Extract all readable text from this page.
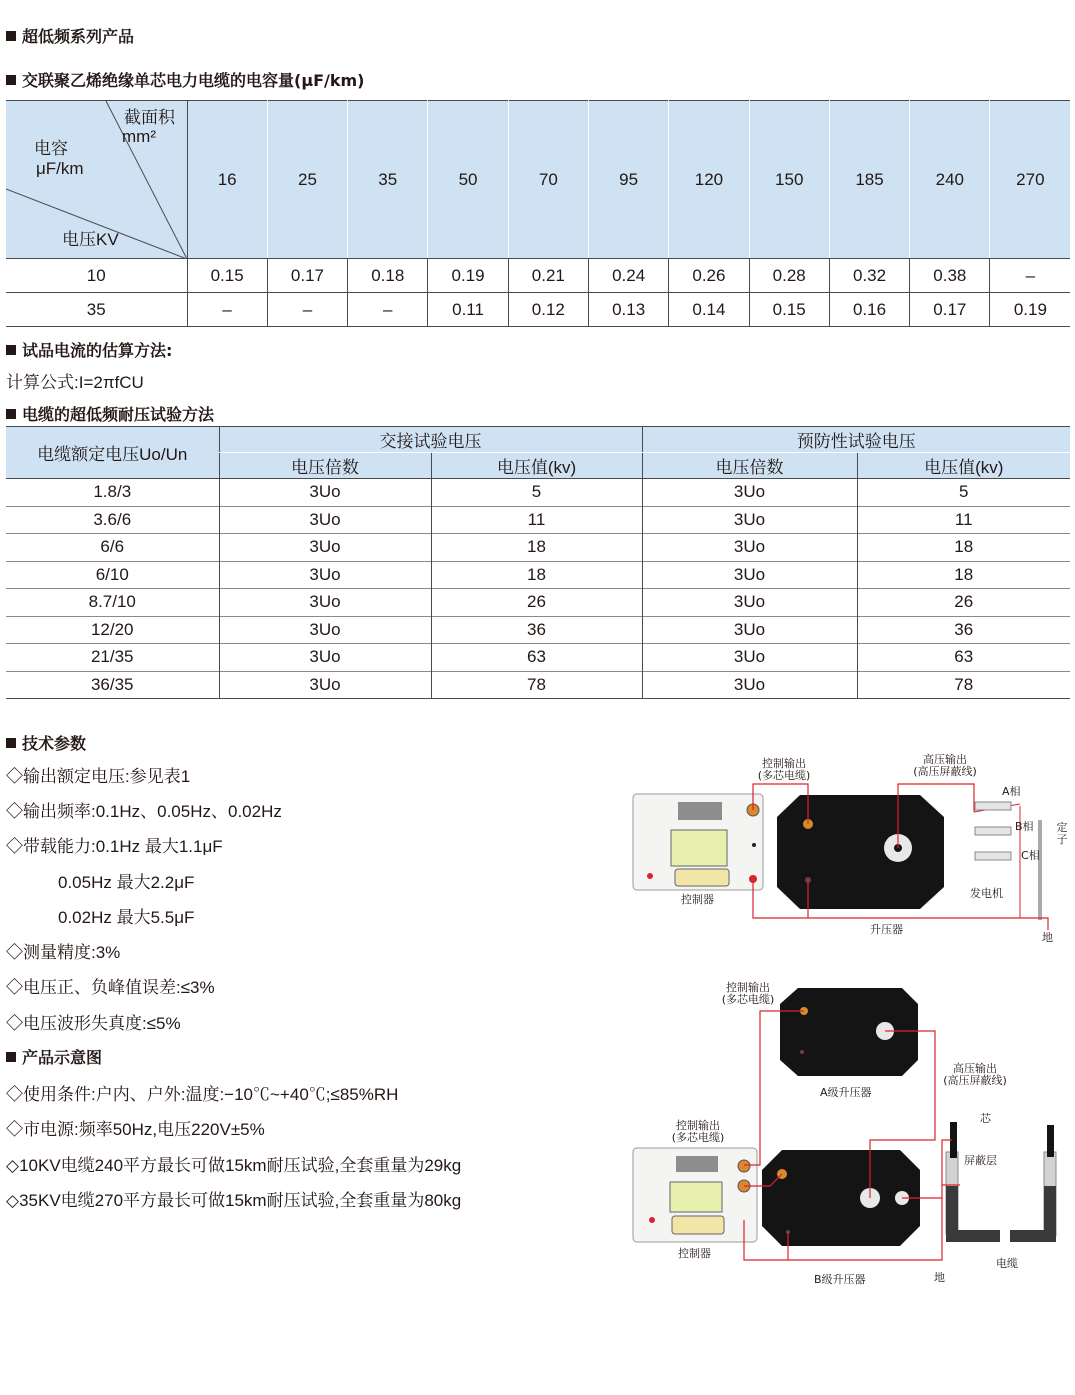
超低频系列产品
交联聚乙烯绝缘单芯电力电缆的电容量(μF/km)
截面积
mm²
电容
μF/km
电压KV	16	25	35	50	70	95	120	150	185	240	270
10	0.15	0.17	0.18	0.19	0.21	0.24	0.26	0.28	0.32	0.38	–
35	–	–	–	0.11	0.12	0.13	0.14	0.15	0.16	0.17	0.19
试品电流的估算方法:
计算公式:I=2πfCU
电缆的超低频耐压试验方法
电缆额定电压Uo/Un	交接试验电压		预防性试验电压	
	电压倍数	电压值(kv)	电压倍数	电压值(kv)
1.8/3	3Uo	5	3Uo	5
3.6/6	3Uo	11	3Uo	11
6/6	3Uo	18	3Uo	18
6/10	3Uo	18	3Uo	18
8.7/10	3Uo	26	3Uo	26
12/20	3Uo	36	3Uo	36
21/35	3Uo	63	3Uo	63
36/35	3Uo	78	3Uo	78
技术参数
◇输出额定电压:参见表1
◇输出频率:0.1Hz、0.05Hz、0.02Hz
◇带载能力:0.1Hz 最大1.1μF
0.05Hz 最大2.2μF
0.02Hz 最大5.5μF
◇测量精度:3%
◇电压正、负峰值误差:≤3%
◇电压波形失真度:≤5%
产品示意图
◇使用条件:户内、户外:温度:−10℃~+40℃;≤85%RH
◇市电源:频率50Hz,电压220V±5%
◇10KV电缆240平方最长可做15km耐压试验,全套重量为29kg
◇35KV电缆270平方最长可做15km耐压试验,全套重量为80kg
控制输出
(多芯电缆)
高压输出
(高压屏蔽线)
A相
B相
C相
定子
发电机
控制器
升压器
地
控制输出
(多芯电缆)
控制输出
(多芯电缆)
A级升压器
高压输出
(高压屏蔽线)
芯
屏蔽层
控制器
B级升压器	地
电缆
